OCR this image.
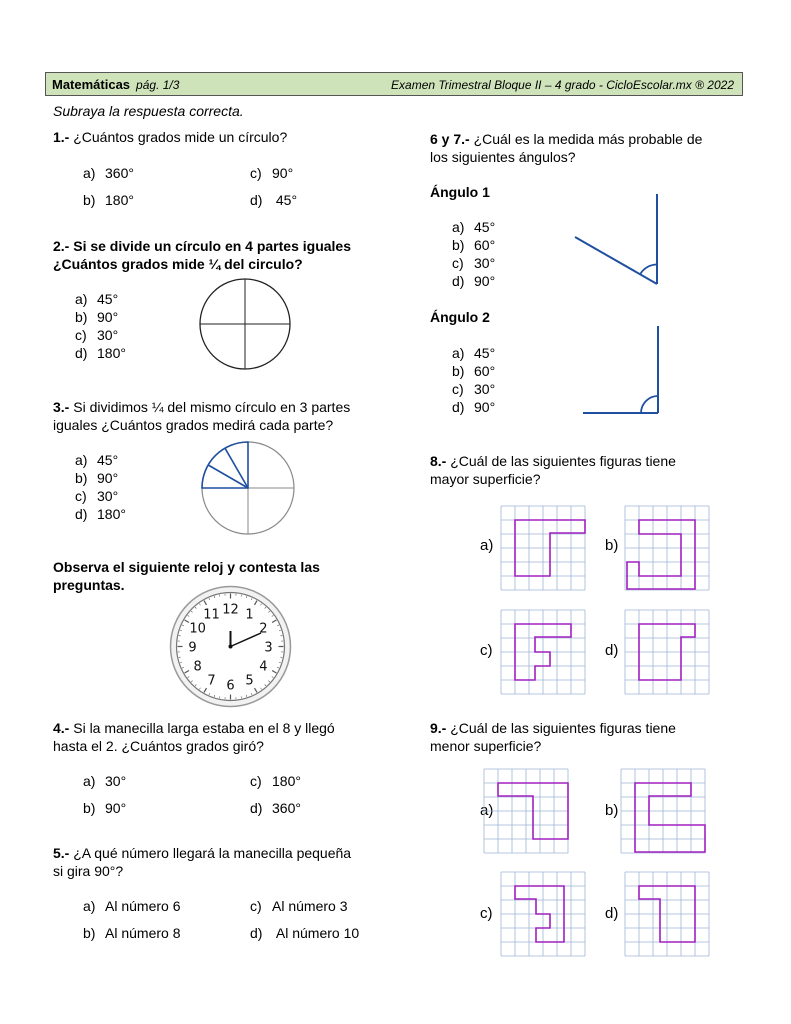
Matemáticas pág. 1/3	Examen Trimestral Bloque II – 4 grado - CicloEscolar.mx ® 2022
Subraya la respuesta correcta.
1.- ¿Cuántos grados mide un círculo?
a) 360°
b) 180°
c) 90°
d) 45°
2.- Si se divide un círculo en 4 partes iguales
¿Cuántos grados mide ¼ del circulo?
a) 45°
b) 90°
c) 30°
d) 180°
3.- Si dividimos ¼ del mismo círculo en 3 partes
iguales ¿Cuántos grados medirá cada parte?
a) 45°
b) 90°
c) 30°
d) 180°
Observa el siguiente reloj y contesta las
preguntas.
12 1
2
3
4
5
6
7
8
9
10
11
4.- Si la manecilla larga estaba en el 8 y llegó
hasta el 2. ¿Cuántos grados giró?
a) 30°
b) 90°
c) 180°
d) 360°
5.- ¿A qué número llegará la manecilla pequeña
si gira 90°?
a) Al número 6
b) Al número 8
c) Al número 3
d) Al número 10
6 y 7.- ¿Cuál es la medida más probable de
los siguientes ángulos?
Ángulo 1
a) 45°
b) 60°
c) 30°
d) 90°
Ángulo 2
a) 45°
b) 60°
c) 30°
d) 90°
8.- ¿Cuál de las siguientes figuras tiene
mayor superficie?
a)	b)
c)	d)
9.- ¿Cuál de las siguientes figuras tiene
menor superficie?
a)	b)
c)	d)
